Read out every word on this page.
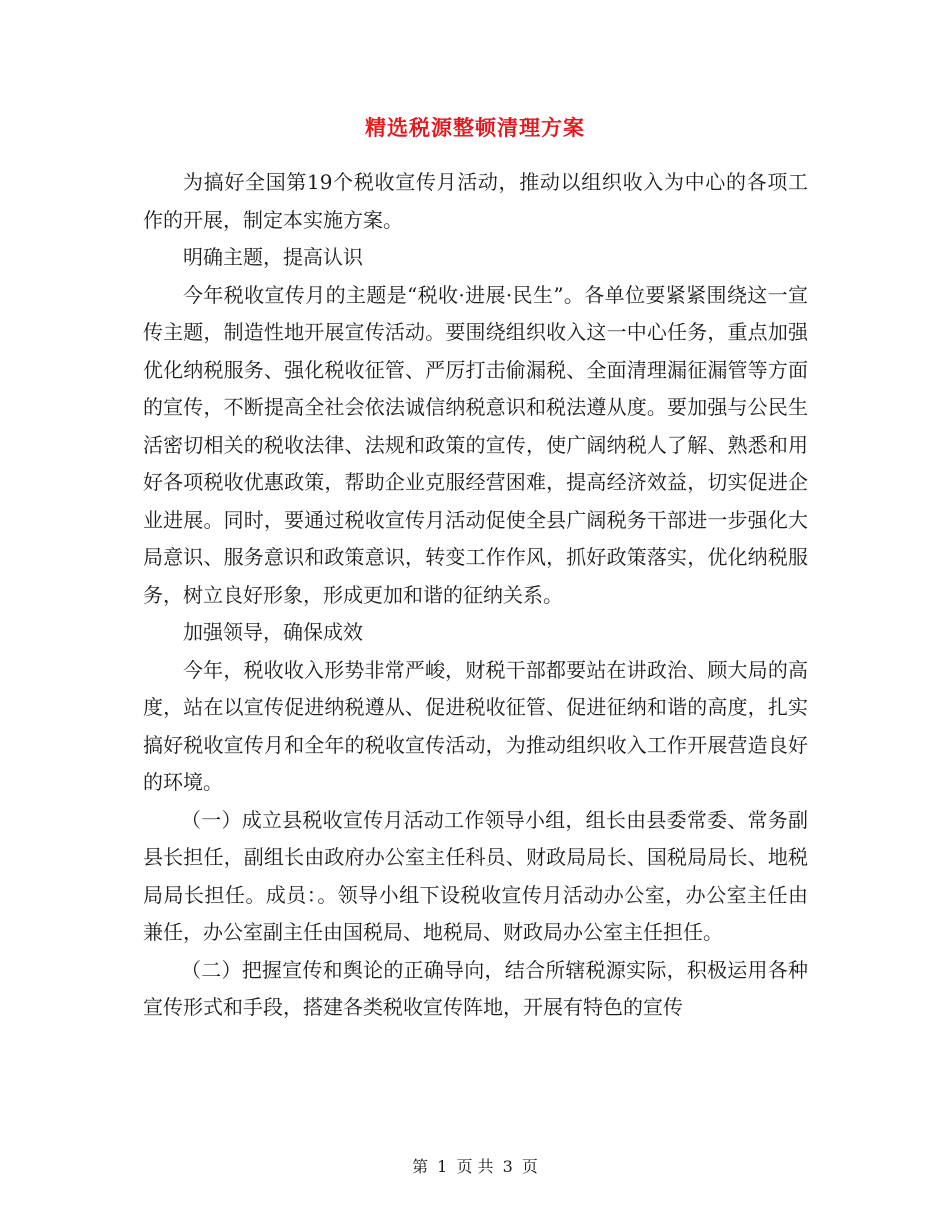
精选税源整顿清理方案

为搞好全国第19个税收宣传月活动，推动以组织收入为中心的各项工作的开展，制定本实施方案。

明确主题，提高认识

今年税收宣传月的主题是“税收·进展·民生”。各单位要紧紧围绕这一宣传主题，制造性地开展宣传活动。要围绕组织收入这一中心任务，重点加强优化纳税服务、强化税收征管、严厉打击偷漏税、全面清理漏征漏管等方面的宣传，不断提高全社会依法诚信纳税意识和税法遵从度。要加强与公民生活密切相关的税收法律、法规和政策的宣传，使广阔纳税人了解、熟悉和用好各项税收优惠政策，帮助企业克服经营困难，提高经济效益，切实促进企业进展。同时，要通过税收宣传月活动促使全县广阔税务干部进一步强化大局意识、服务意识和政策意识，转变工作作风，抓好政策落实，优化纳税服务，树立良好形象，形成更加和谐的征纳关系。

加强领导，确保成效

今年，税收收入形势非常严峻，财税干部都要站在讲政治、顾大局的高度，站在以宣传促进纳税遵从、促进税收征管、促进征纳和谐的高度，扎实搞好税收宣传月和全年的税收宣传活动，为推动组织收入工作开展营造良好的环境。

（一）成立县税收宣传月活动工作领导小组，组长由县委常委、常务副县长担任，副组长由政府办公室主任科员、财政局局长、国税局局长、地税局局长担任。成员：。领导小组下设税收宣传月活动办公室，办公室主任由兼任，办公室副主任由国税局、地税局、财政局办公室主任担任。

（二）把握宣传和舆论的正确导向，结合所辖税源实际，积极运用各种宣传形式和手段，搭建各类税收宣传阵地，开展有特色的宣传

第 1 页 共 3 页
